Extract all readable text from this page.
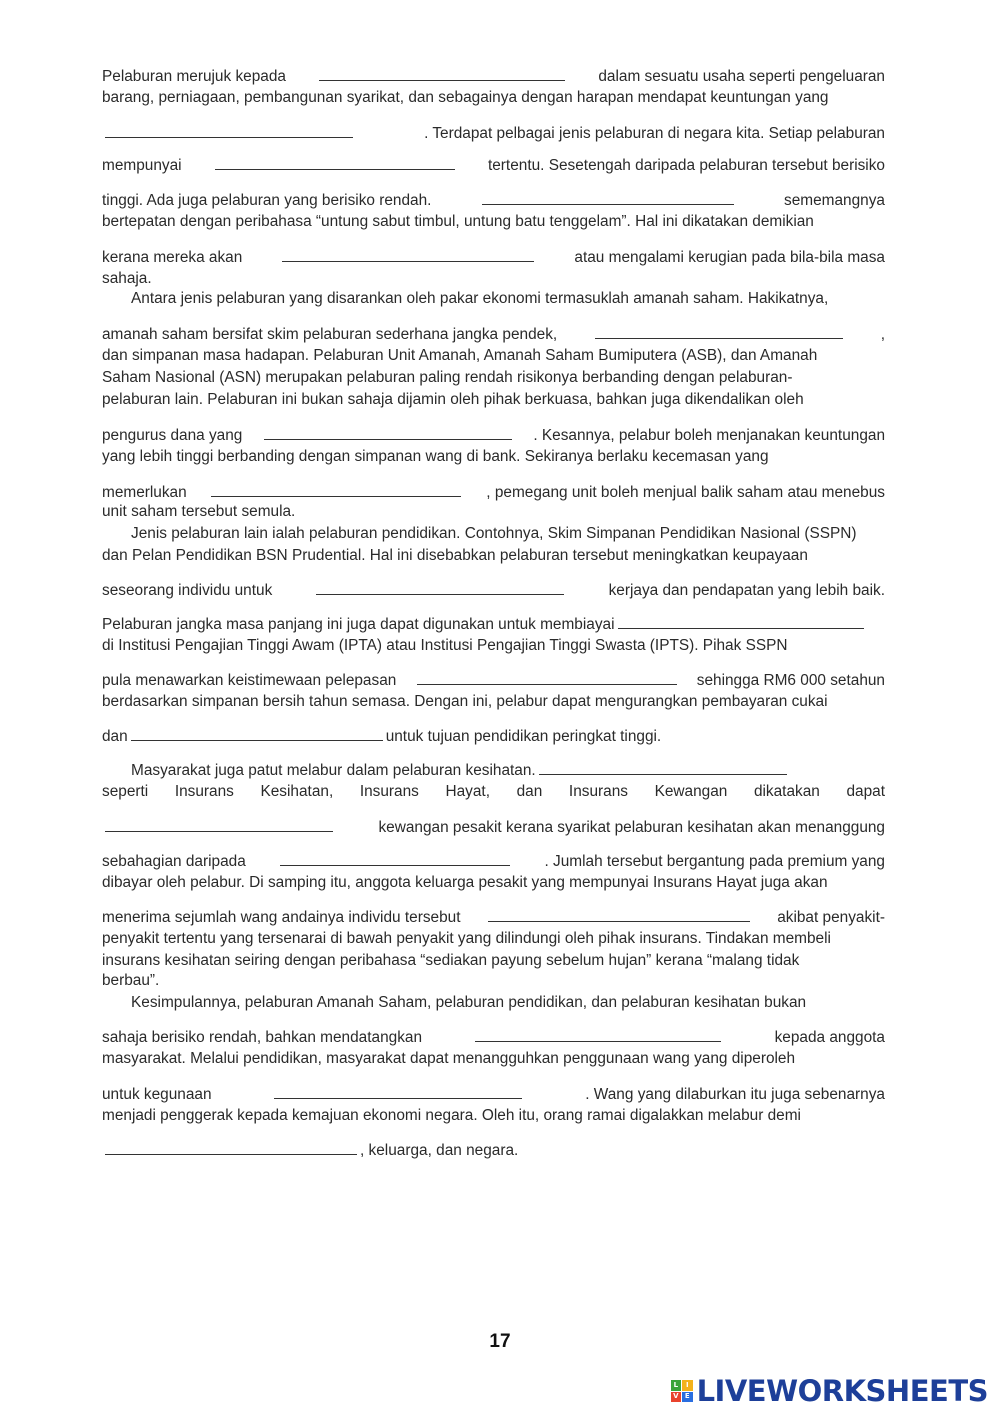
Pelaburan merujuk kepada	dalam sesuatu usaha seperti pengeluaran
barang, perniagaan, pembangunan syarikat, dan sebagainya dengan harapan mendapat keuntungan yang
. Terdapat pelbagai jenis pelaburan di negara kita. Setiap pelaburan
mempunyai	tertentu. Sesetengah daripada pelaburan tersebut berisiko
tinggi. Ada juga pelaburan yang berisiko rendah.	sememangnya
bertepatan dengan peribahasa “untung sabut timbul, untung batu tenggelam”. Hal ini dikatakan demikian
kerana mereka akan	atau mengalami kerugian pada bila-bila masa
sahaja.
Antara jenis pelaburan yang disarankan oleh pakar ekonomi termasuklah amanah saham. Hakikatnya,
amanah saham bersifat skim pelaburan sederhana jangka pendek,	,
dan simpanan masa hadapan. Pelaburan Unit Amanah, Amanah Saham Bumiputera (ASB), dan Amanah
Saham Nasional (ASN) merupakan pelaburan paling rendah risikonya berbanding dengan pelaburan-
pelaburan lain. Pelaburan ini bukan sahaja dijamin oleh pihak berkuasa, bahkan juga dikendalikan oleh
pengurus dana yang	. Kesannya, pelabur boleh menjanakan keuntungan
yang lebih tinggi berbanding dengan simpanan wang di bank. Sekiranya berlaku kecemasan yang
memerlukan	, pemegang unit boleh menjual balik saham atau menebus
unit saham tersebut semula.
Jenis pelaburan lain ialah pelaburan pendidikan. Contohnya, Skim Simpanan Pendidikan Nasional (SSPN)
dan Pelan Pendidikan BSN Prudential. Hal ini disebabkan pelaburan tersebut meningkatkan keupayaan
seseorang individu untuk	kerjaya dan pendapatan yang lebih baik.
Pelaburan jangka masa panjang ini juga dapat digunakan untuk membiayai
di Institusi Pengajian Tinggi Awam (IPTA) atau Institusi Pengajian Tinggi Swasta (IPTS). Pihak SSPN
pula menawarkan keistimewaan pelepasan	sehingga RM6 000 setahun
berdasarkan simpanan bersih tahun semasa. Dengan ini, pelabur dapat mengurangkan pembayaran cukai
dan	untuk tujuan pendidikan peringkat tinggi.
Masyarakat juga patut melabur dalam pelaburan kesihatan.
seperti Insurans Kesihatan, Insurans Hayat, dan Insurans Kewangan dikatakan dapat
kewangan pesakit kerana syarikat pelaburan kesihatan akan menanggung
sebahagian daripada	. Jumlah tersebut bergantung pada premium yang
dibayar oleh pelabur. Di samping itu, anggota keluarga pesakit yang mempunyai Insurans Hayat juga akan
menerima sejumlah wang andainya individu tersebut	akibat penyakit-
penyakit tertentu yang tersenarai di bawah penyakit yang dilindungi oleh pihak insurans. Tindakan membeli
insurans kesihatan seiring dengan peribahasa “sediakan payung sebelum hujan” kerana “malang tidak
berbau”.
Kesimpulannya, pelaburan Amanah Saham, pelaburan pendidikan, dan pelaburan kesihatan bukan
sahaja berisiko rendah, bahkan mendatangkan	kepada anggota
masyarakat. Melalui pendidikan, masyarakat dapat menangguhkan penggunaan wang yang diperoleh
untuk kegunaan	. Wang yang dilaburkan itu juga sebenarnya
menjadi penggerak kepada kemajuan ekonomi negara. Oleh itu, orang ramai digalakkan melabur demi
, keluarga, dan negara.
17
L	I
V E LIVEWORKSHEETS
